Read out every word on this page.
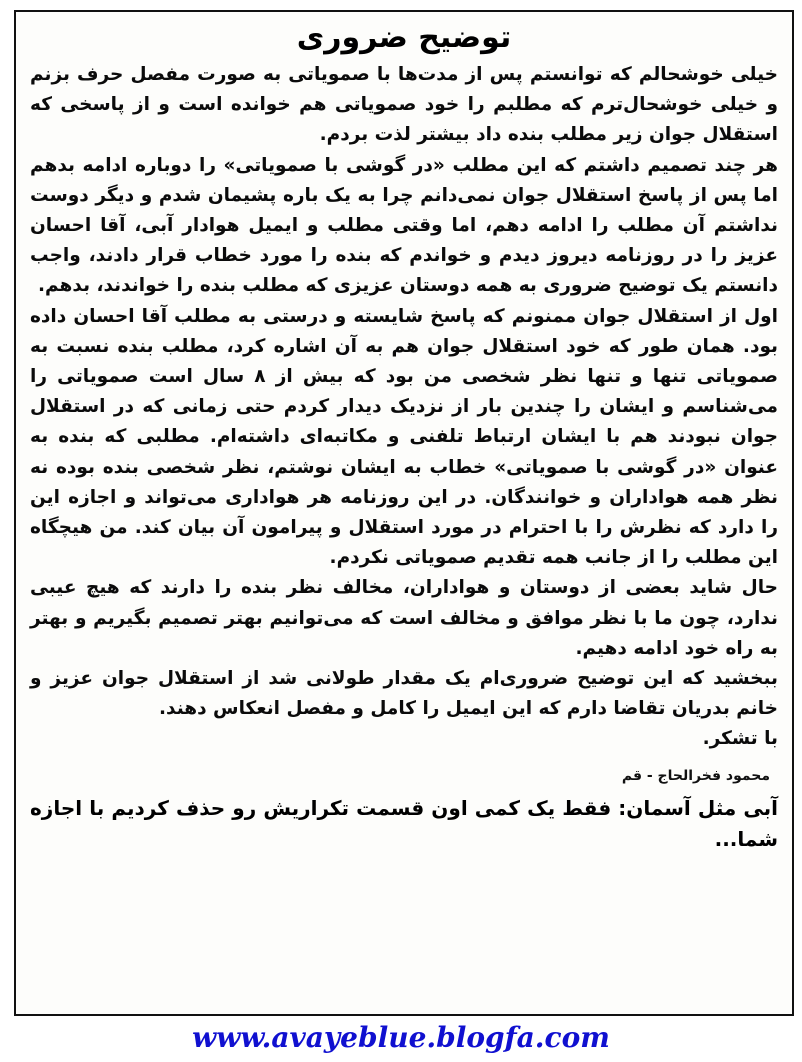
توضیح ضروری

خیلی خوشحالم که توانستم پس از مدت‌ها با صمویاتی به صورت مفصل حرف بزنم و خیلی خوشحال‌ترم که مطلبم را خود صمویاتی هم خوانده است و از پاسخی که استقلال جوان زیر مطلب بنده داد بیشتر لذت بردم.

هر چند تصمیم داشتم که این مطلب «در گوشی با صمویاتی» را دوباره ادامه بدهم اما پس از پاسخ استقلال جوان نمی‌دانم چرا به یک باره پشیمان شدم و دیگر دوست نداشتم آن مطلب را ادامه دهم، اما وقتی مطلب و ایمیل هوادار آبی، آقا احسان عزیز را در روزنامه دیروز دیدم و خواندم که بنده را مورد خطاب قرار دادند، واجب دانستم یک توضیح ضروری به همه دوستان عزیزی که مطلب بنده را خواندند، بدهم.

اول از استقلال جوان ممنونم که پاسخ شایسته و درستی به مطلب آقا احسان داده بود. همان طور که خود استقلال جوان هم به آن اشاره کرد، مطلب بنده نسبت به صمویاتی تنها و تنها نظر شخصی من بود که بیش از ۸ سال است صمویاتی را می‌شناسم و ایشان را چندین بار از نزدیک دیدار کردم حتی زمانی که در استقلال جوان نبودند هم با ایشان ارتباط تلفنی و مکاتبه‌ای داشته‌ام. مطلبی که بنده به عنوان «در گوشی با صمویاتی» خطاب به ایشان نوشتم، نظر شخصی بنده بوده نه نظر همه هواداران و خوانندگان. در این روزنامه هر هواداری می‌تواند و اجازه این را دارد که نظرش را با احترام در مورد استقلال و پیرامون آن بیان کند. من هیچگاه این مطلب را از جانب همه تقدیم صمویاتی نکردم.

حال شاید بعضی از دوستان و هواداران، مخالف نظر بنده را دارند که هیچ عیبی ندارد، چون ما با نظر موافق و مخالف است که می‌توانیم بهتر تصمیم بگیریم و بهتر به راه خود ادامه دهیم.

ببخشید که این توضیح ضروری‌ام یک مقدار طولانی شد از استقلال جوان عزیز و خانم بدریان تقاضا دارم که این ایمیل را کامل و مفصل انعکاس دهند.

با تشکر.

محمود فخرالحاج - قم
آبی مثل آسمان: فقط یک کمی اون قسمت تکراریش رو حذف کردیم با اجازه شما...
www.avayeblue.blogfa.com
